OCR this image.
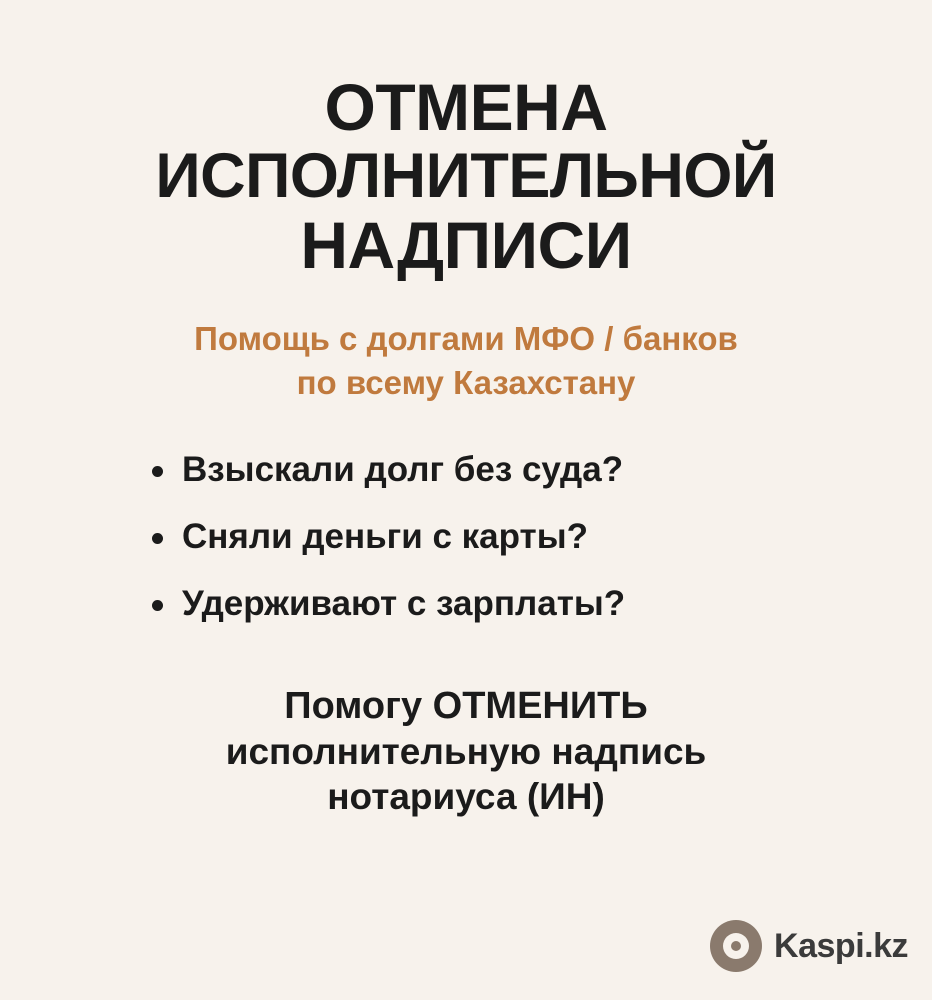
ОТМЕНА
ИСПОЛНИТЕЛЬНОЙ
НАДПИСИ
Помощь с долгами МФО / банков
по всему Казахстану
Взыскали долг без суда?
Сняли деньги с карты?
Удерживают с зарплаты?
Помогу ОТМЕНИТЬ
исполнительную надпись
нотариуса (ИН)
Kaspi.kz
